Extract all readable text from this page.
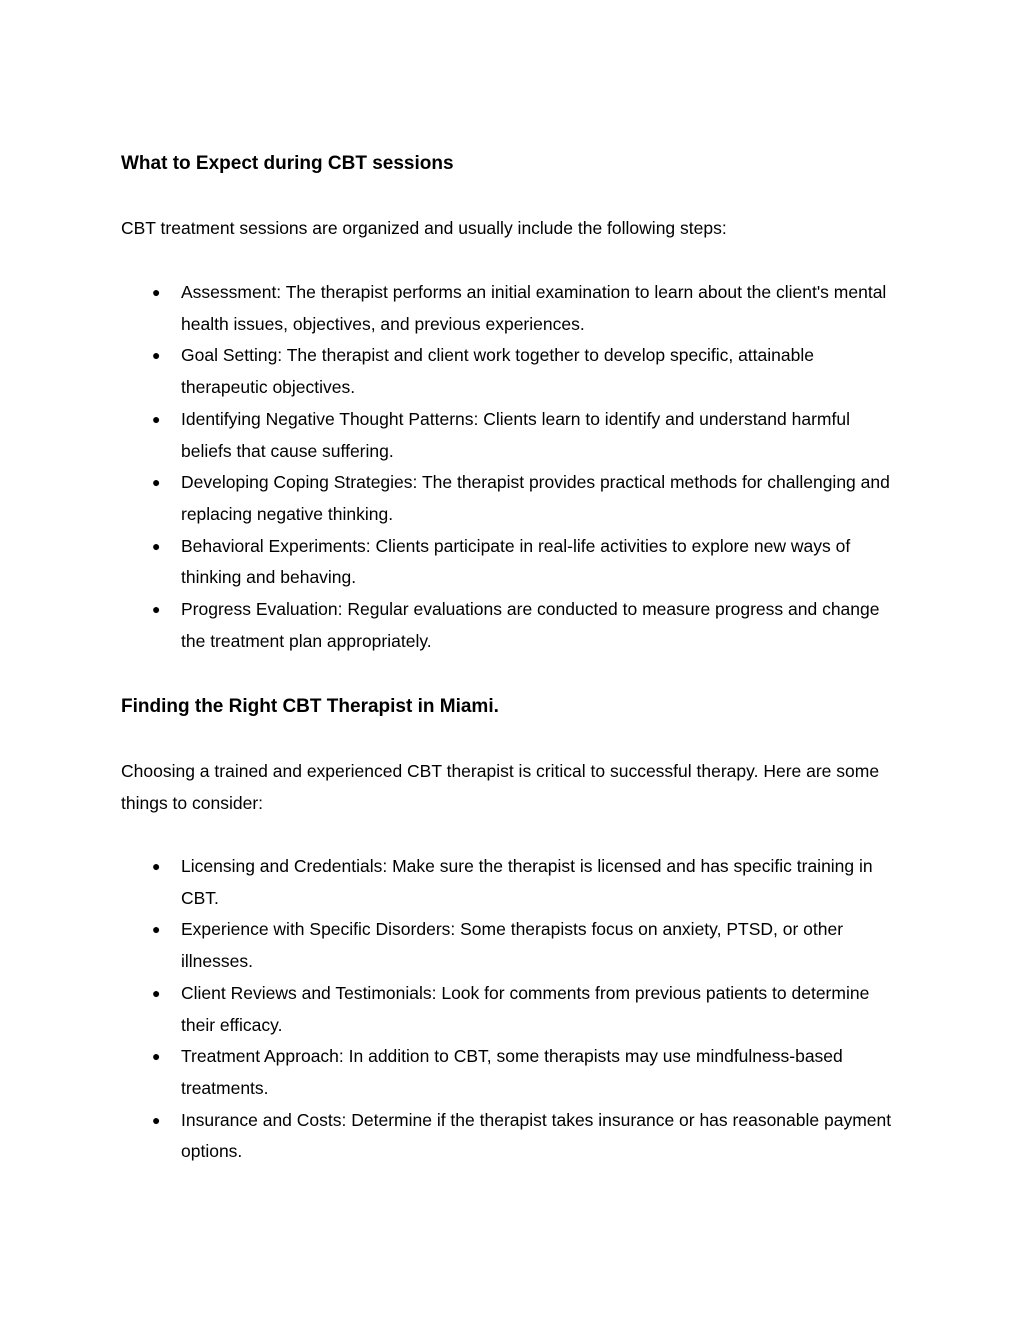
What to Expect during CBT sessions

CBT treatment sessions are organized and usually include the following steps:

● Assessment: The therapist performs an initial examination to learn about the client's mental health issues, objectives, and previous experiences.
● Goal Setting: The therapist and client work together to develop specific, attainable therapeutic objectives.
● Identifying Negative Thought Patterns: Clients learn to identify and understand harmful beliefs that cause suffering.
● Developing Coping Strategies: The therapist provides practical methods for challenging and replacing negative thinking.
● Behavioral Experiments: Clients participate in real-life activities to explore new ways of thinking and behaving.
● Progress Evaluation: Regular evaluations are conducted to measure progress and change the treatment plan appropriately.
Finding the Right CBT Therapist in Miami.

Choosing a trained and experienced CBT therapist is critical to successful therapy. Here are some things to consider:

● Licensing and Credentials: Make sure the therapist is licensed and has specific training in CBT.
● Experience with Specific Disorders: Some therapists focus on anxiety, PTSD, or other illnesses.
● Client Reviews and Testimonials: Look for comments from previous patients to determine their efficacy.
● Treatment Approach: In addition to CBT, some therapists may use mindfulness-based treatments.
● Insurance and Costs: Determine if the therapist takes insurance or has reasonable payment options.
